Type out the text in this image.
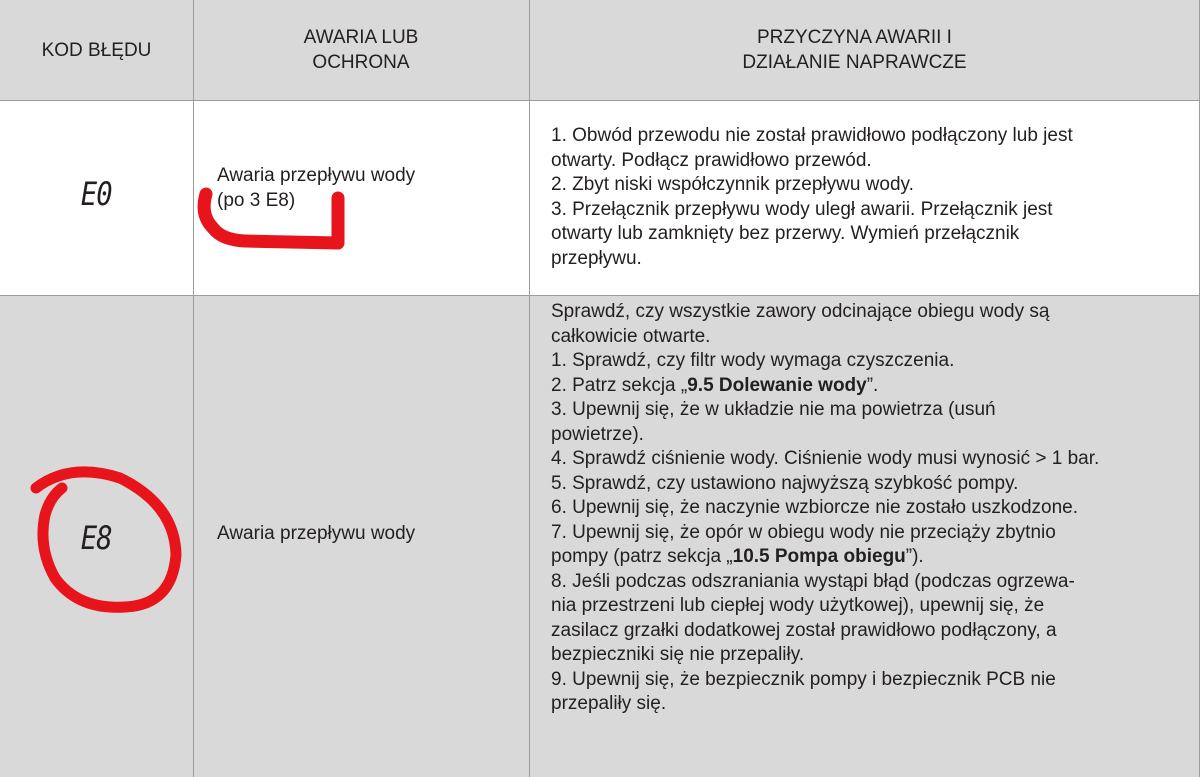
KOD BŁĘDU
AWARIA LUB
OCHRONA
PRZYCZYNA AWARII I
DZIAŁANIE NAPRAWCZE
E0	Awaria przepływu wody
(po 3 E8)

1. Obwód przewodu nie został prawidłowo podłączony lub jest

otwarty. Podłącz prawidłowo przewód.

2. Zbyt niski współczynnik przepływu wody.

3. Przełącznik przepływu wody uległ awarii. Przełącznik jest

otwarty lub zamknięty bez przerwy. Wymień przełącznik

przepływu.

E8	Awaria przepływu wody

Sprawdź, czy wszystkie zawory odcinające obiegu wody są

całkowicie otwarte.

1. Sprawdź, czy filtr wody wymaga czyszczenia.

2. Patrz sekcja „9.5 Dolewanie wody”.

3. Upewnij się, że w układzie nie ma powietrza (usuń

powietrze).

4. Sprawdź ciśnienie wody. Ciśnienie wody musi wynosić > 1 bar.

5. Sprawdź, czy ustawiono najwyższą szybkość pompy.

6. Upewnij się, że naczynie wzbiorcze nie zostało uszkodzone.

7. Upewnij się, że opór w obiegu wody nie przeciąży zbytnio

pompy (patrz sekcja „10.5 Pompa obiegu”).

8. Jeśli podczas odszraniania wystąpi błąd (podczas ogrzewa-

nia przestrzeni lub ciepłej wody użytkowej), upewnij się, że

zasilacz grzałki dodatkowej został prawidłowo podłączony, a

bezpieczniki się nie przepaliły.

9. Upewnij się, że bezpiecznik pompy i bezpiecznik PCB nie

przepaliły się.
